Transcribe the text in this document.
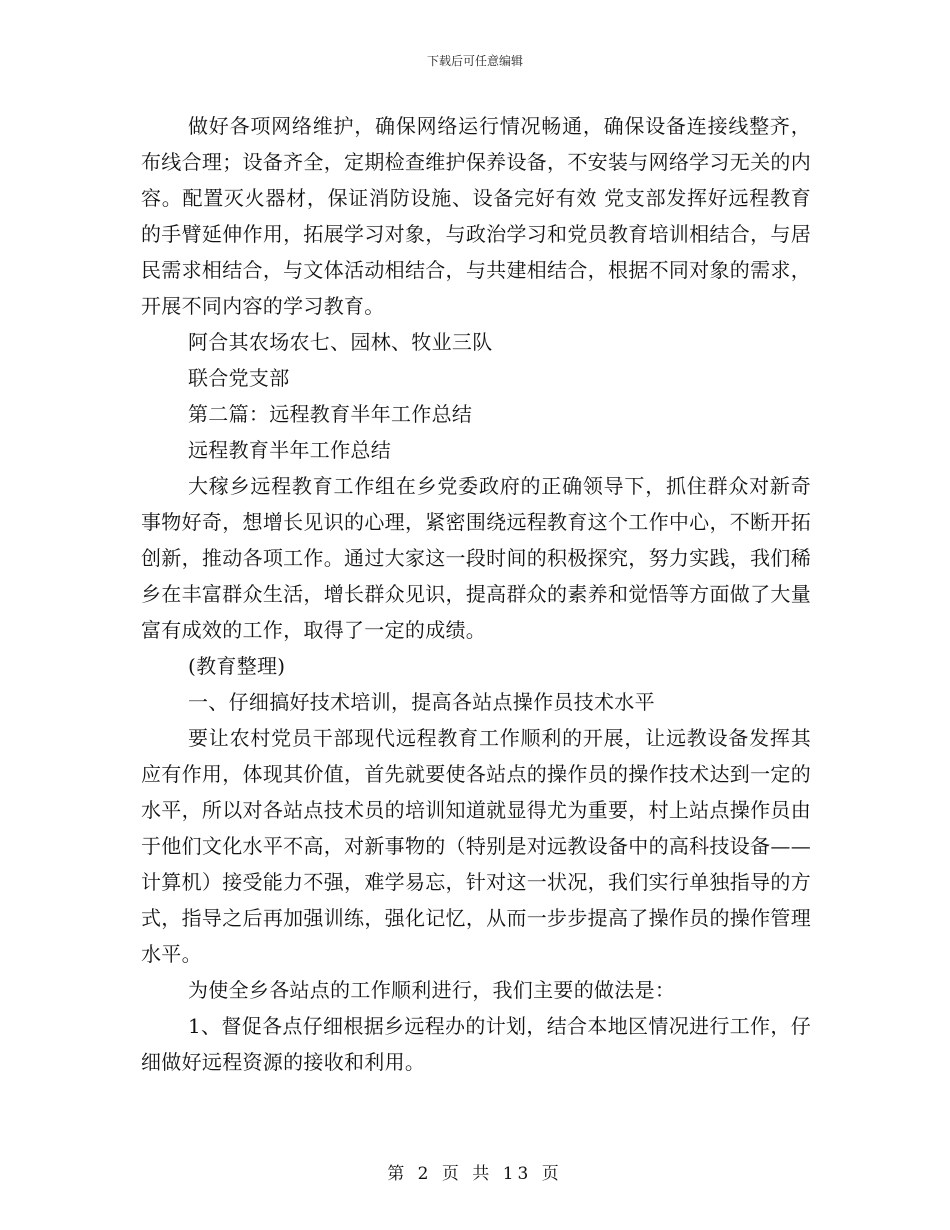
下载后可任意编辑

做好各项网络维护，确保网络运行情况畅通，确保设备连接线整齐，布线合理；设备齐全，定期检查维护保养设备，不安装与网络学习无关的内容。配置灭火器材，保证消防设施、设备完好有效 党支部发挥好远程教育的手臂延伸作用，拓展学习对象，与政治学习和党员教育培训相结合，与居民需求相结合，与文体活动相结合，与共建相结合，根据不同对象的需求，开展不同内容的学习教育。

阿合其农场农七、园林、牧业三队

联合党支部

第二篇：远程教育半年工作总结

远程教育半年工作总结

大稼乡远程教育工作组在乡党委政府的正确领导下，抓住群众对新奇事物好奇，想增长见识的心理，紧密围绕远程教育这个工作中心，不断开拓创新，推动各项工作。通过大家这一段时间的积极探究，努力实践，我们稀乡在丰富群众生活，增长群众见识，提高群众的素养和觉悟等方面做了大量富有成效的工作，取得了一定的成绩。

(教育整理)

一、仔细搞好技术培训，提高各站点操作员技术水平

要让农村党员干部现代远程教育工作顺利的开展，让远教设备发挥其应有作用，体现其价值，首先就要使各站点的操作员的操作技术达到一定的水平，所以对各站点技术员的培训知道就显得尤为重要，村上站点操作员由于他们文化水平不高，对新事物的（特别是对远教设备中的高科技设备——计算机）接受能力不强，难学易忘，针对这一状况，我们实行单独指导的方式，指导之后再加强训练，强化记忆，从而一步步提高了操作员的操作管理水平。

为使全乡各站点的工作顺利进行，我们主要的做法是：

1、督促各点仔细根据乡远程办的计划，结合本地区情况进行工作，仔细做好远程资源的接收和利用。

第 2 页 共 13 页
